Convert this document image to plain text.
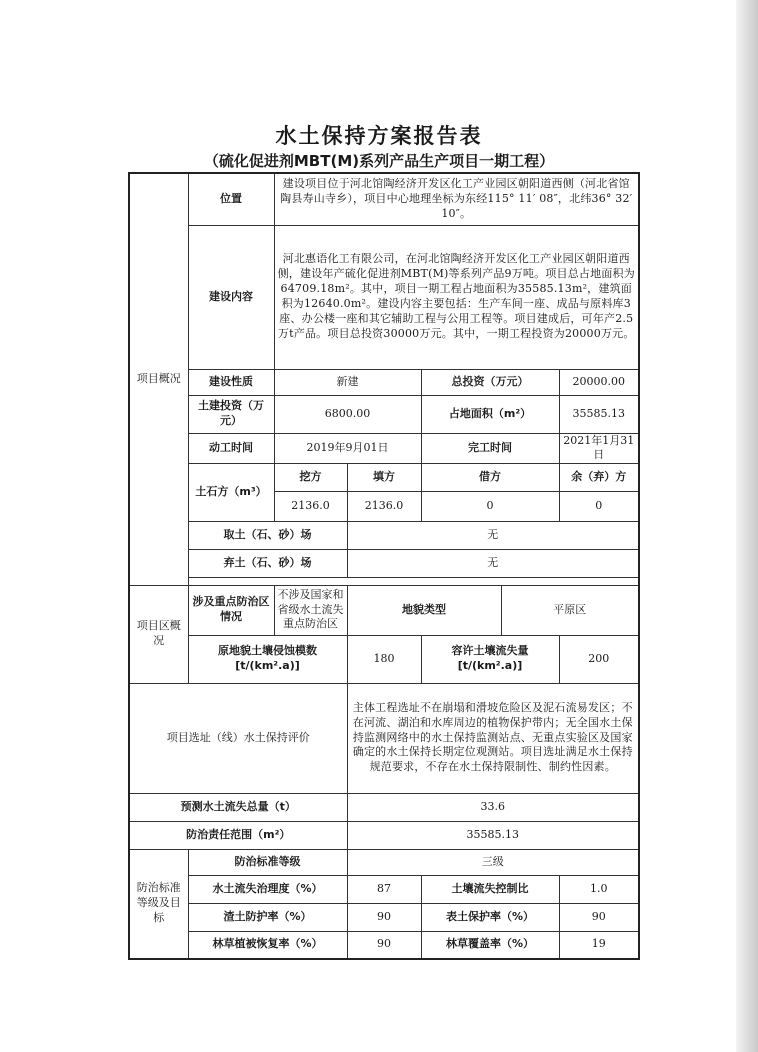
水土保持方案报告表
（硫化促进剂MBT(M)系列产品生产项目一期工程）
项目概况	位置	建设项目位于河北馆陶经济开发区化工产业园区朝阳道西侧（河北省馆陶县寿山寺乡），项目中心地理坐标为东经115° 11′ 08″，北纬36° 32′ 10″。				
	建设内容	河北惠语化工有限公司，在河北馆陶经济开发区化工产业园区朝阳道西侧，建设年产硫化促进剂MBT(M)等系列产品9万吨。项目总占地面积为64709.18m²。其中，项目一期工程占地面积为35585.13m²，建筑面积为12640.0m²。建设内容主要包括：生产车间一座、成品与原料库3座、办公楼一座和其它辅助工程与公用工程等。项目建成后，可年产2.5万t产品。项目总投资30000万元。其中，一期工程投资为20000万元。				
	建设性质	新建		总投资（万元）		20000.00
	土建投资（万元）	6800.00		占地面积（m²）		35585.13
	动工时间	2019年9月01日		完工时间		2021年1月31日
	土石方（m³）	挖方	填方	借方		余（弃）方
		2136.0	2136.0	0		0
	取土（石、砂）场		无			
	弃土（石、砂）场		无			

项目区概况	涉及重点防治区情况	不涉及国家和省级水土流失重点防治区	地貌类型		平原区	
	原地貌土壤侵蚀模数[t/(km².a)]		180	容许土壤流失量[t/(km².a)]		200
项目选址（线）水土保持评价			主体工程选址不在崩塌和滑坡危险区及泥石流易发区；不在河流、湖泊和水库周边的植物保护带内；无全国水土保持监测网络中的水土保持监测站点、无重点实验区及国家确定的水土保持长期定位观测站。项目选址满足水土保持规范要求，不存在水土保持限制性、制约性因素。			
预测水土流失总量（t）			33.6			
防治责任范围（m²）			35585.13			
防治标准等级及目标	防治标准等级		三级			
	水土流失治理度（%）		87	土壤流失控制比		1.0
	渣土防护率（%）		90	表土保护率（%）		90
	林草植被恢复率（%）		90	林草覆盖率（%）		19
